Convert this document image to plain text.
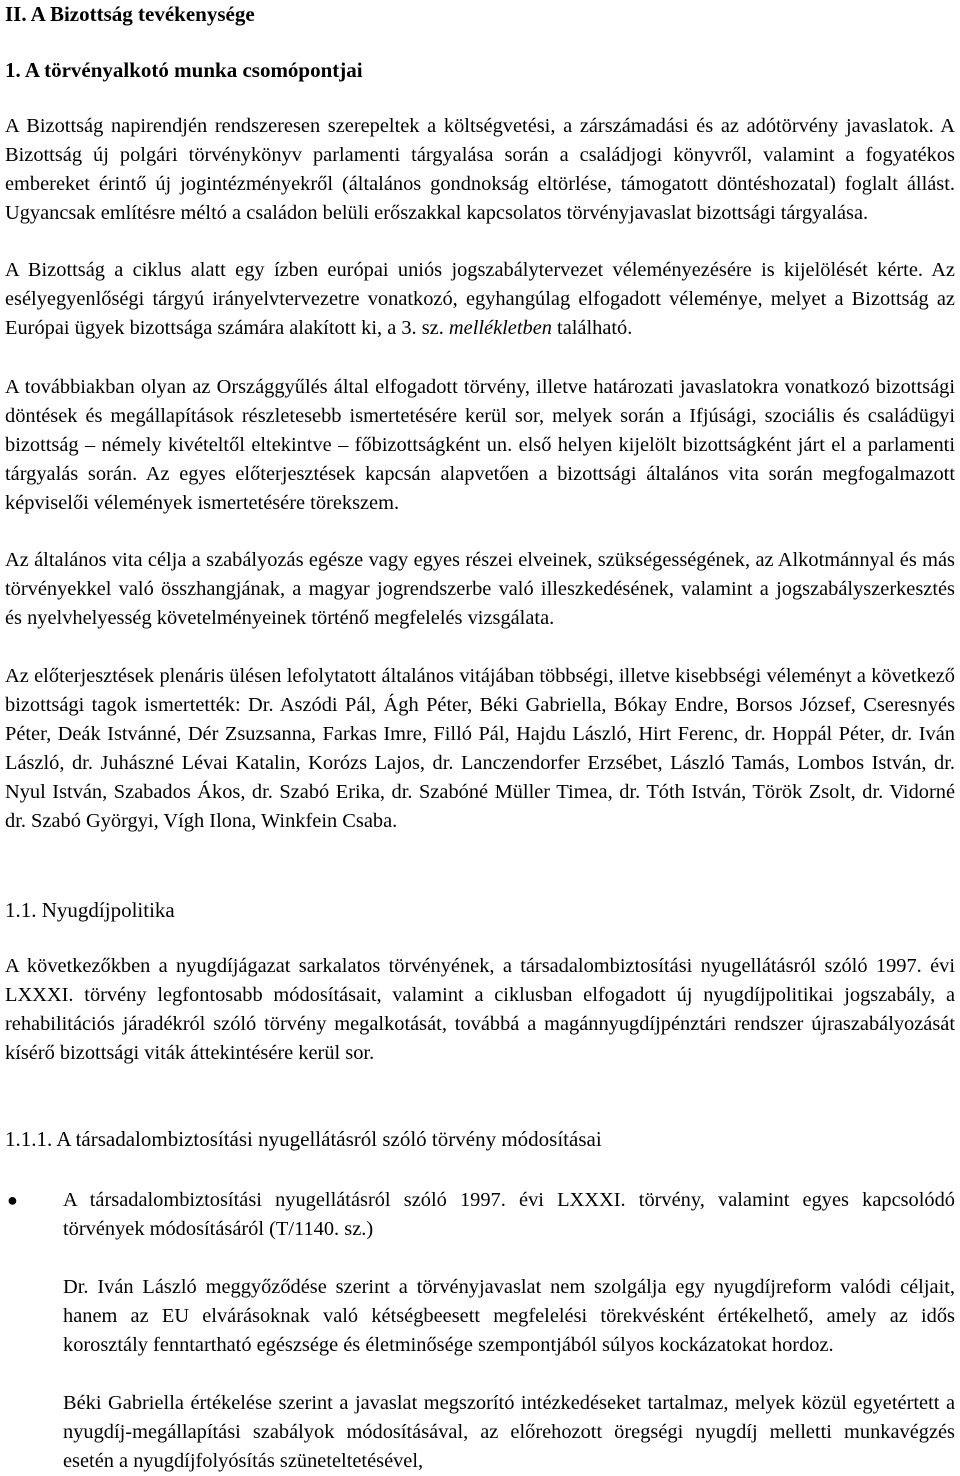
II. A Bizottság tevékenysége
1. A törvényalkotó munka csomópontjai

A Bizottság napirendjén rendszeresen szerepeltek a költségvetési, a zárszámadási és az adótörvény javaslatok. A Bizottság új polgári törvénykönyv parlamenti tárgyalása során a családjogi könyvről, valamint a fogyatékos embereket érintő új jogintézményekről (általános gondnokság eltörlése, támogatott döntéshozatal) foglalt állást. Ugyancsak említésre méltó a családon belüli erőszakkal kapcsolatos törvényjavaslat bizottsági tárgyalása.

A Bizottság a ciklus alatt egy ízben európai uniós jogszabálytervezet véleményezésére is kijelölését kérte. Az esélyegyenlőségi tárgyú irányelvtervezetre vonatkozó, egyhangúlag elfogadott véleménye, melyet a Bizottság az Európai ügyek bizottsága számára alakított ki, a 3. sz. mellékletben található.

A továbbiakban olyan az Országgyűlés által elfogadott törvény, illetve határozati javaslatokra vonatkozó bizottsági döntések és megállapítások részletesebb ismertetésére kerül sor, melyek során a Ifjúsági, szociális és családügyi bizottság – némely kivételtől eltekintve – főbizottságként un. első helyen kijelölt bizottságként járt el a parlamenti tárgyalás során. Az egyes előterjesztések kapcsán alapvetően a bizottsági általános vita során megfogalmazott képviselői vélemények ismertetésére törekszem.

Az általános vita célja a szabályozás egésze vagy egyes részei elveinek, szükségességének, az Alkotmánnyal és más törvényekkel való összhangjának, a magyar jogrendszerbe való illeszkedésének, valamint a jogszabályszerkesztés és nyelvhelyesség követelményeinek történő megfelelés vizsgálata.

Az előterjesztések plenáris ülésen lefolytatott általános vitájában többségi, illetve kisebbségi véleményt a következő bizottsági tagok ismertették: Dr. Aszódi Pál, Ágh Péter, Béki Gabriella, Bókay Endre, Borsos József, Cseresnyés Péter, Deák Istvánné, Dér Zsuzsanna, Farkas Imre, Filló Pál, Hajdu László, Hirt Ferenc, dr. Hoppál Péter, dr. Iván László, dr. Juhászné Lévai Katalin, Korózs Lajos, dr. Lanczendorfer Erzsébet, László Tamás, Lombos István, dr. Nyul István, Szabados Ákos, dr. Szabó Erika, dr. Szabóné Müller Timea, dr. Tóth István, Török Zsolt, dr. Vidorné dr. Szabó Györgyi, Vígh Ilona, Winkfein Csaba.

1.1. Nyugdíjpolitika

A következőkben a nyugdíjágazat sarkalatos törvényének, a társadalombiztosítási nyugellátásról szóló 1997. évi LXXXI. törvény legfontosabb módosításait, valamint a ciklusban elfogadott új nyugdíjpolitikai jogszabály, a rehabilitációs járadékról szóló törvény megalkotását, továbbá a magánnyugdíjpénztári rendszer újraszabályozását kísérő bizottsági viták áttekintésére kerül sor.

1.1.1. A társadalombiztosítási nyugellátásról szóló törvény módosításai
● A társadalombiztosítási nyugellátásról szóló 1997. évi LXXXI. törvény, valamint egyes kapcsolódó törvények módosításáról (T/1140. sz.)

Dr. Iván László meggyőződése szerint a törvényjavaslat nem szolgálja egy nyugdíjreform valódi céljait, hanem az EU elvárásoknak való kétségbeesett megfelelési törekvésként értékelhető, amely az idős korosztály fenntartható egészsége és életminősége szempontjából súlyos kockázatokat hordoz.

Béki Gabriella értékelése szerint a javaslat megszorító intézkedéseket tartalmaz, melyek közül egyetértett a nyugdíj-megállapítási szabályok módosításával, az előrehozott öregségi nyugdíj melletti munkavégzés esetén a nyugdíjfolyósítás szüneteltetésével,
